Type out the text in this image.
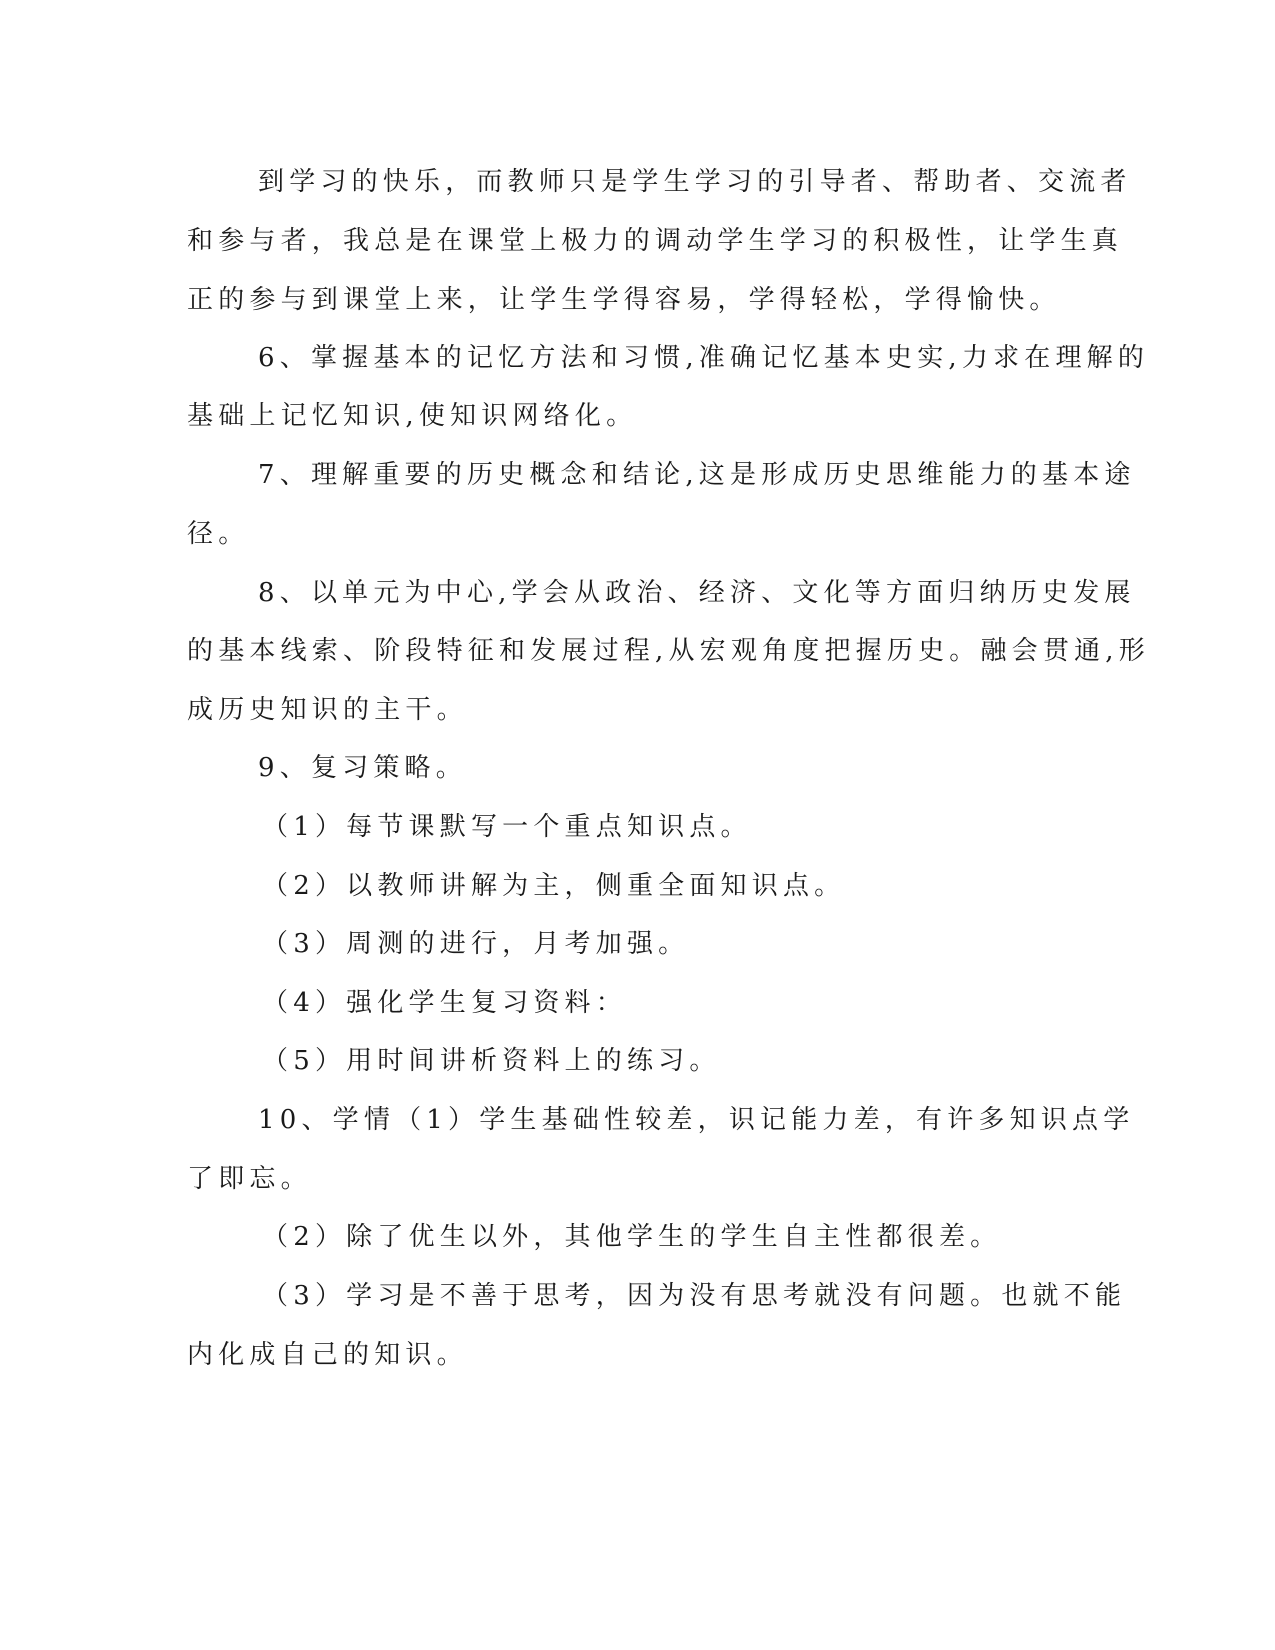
到学习的快乐，而教师只是学生学习的引导者、帮助者、交流者
和参与者，我总是在课堂上极力的调动学生学习的积极性，让学生真
正的参与到课堂上来，让学生学得容易，学得轻松，学得愉快。
6、掌握基本的记忆方法和习惯,准确记忆基本史实,力求在理解的
基础上记忆知识,使知识网络化。
7、理解重要的历史概念和结论,这是形成历史思维能力的基本途
径。
8、以单元为中心,学会从政治、经济、文化等方面归纳历史发展
的基本线索、阶段特征和发展过程,从宏观角度把握历史。融会贯通,形
成历史知识的主干。
9、复习策略。
（1）每节课默写一个重点知识点。
（2）以教师讲解为主，侧重全面知识点。
（3）周测的进行，月考加强。
（4）强化学生复习资料：
（5）用时间讲析资料上的练习。
10、学情（1）学生基础性较差，识记能力差，有许多知识点学
了即忘。
（2）除了优生以外，其他学生的学生自主性都很差。
（3）学习是不善于思考，因为没有思考就没有问题。也就不能
内化成自己的知识。
